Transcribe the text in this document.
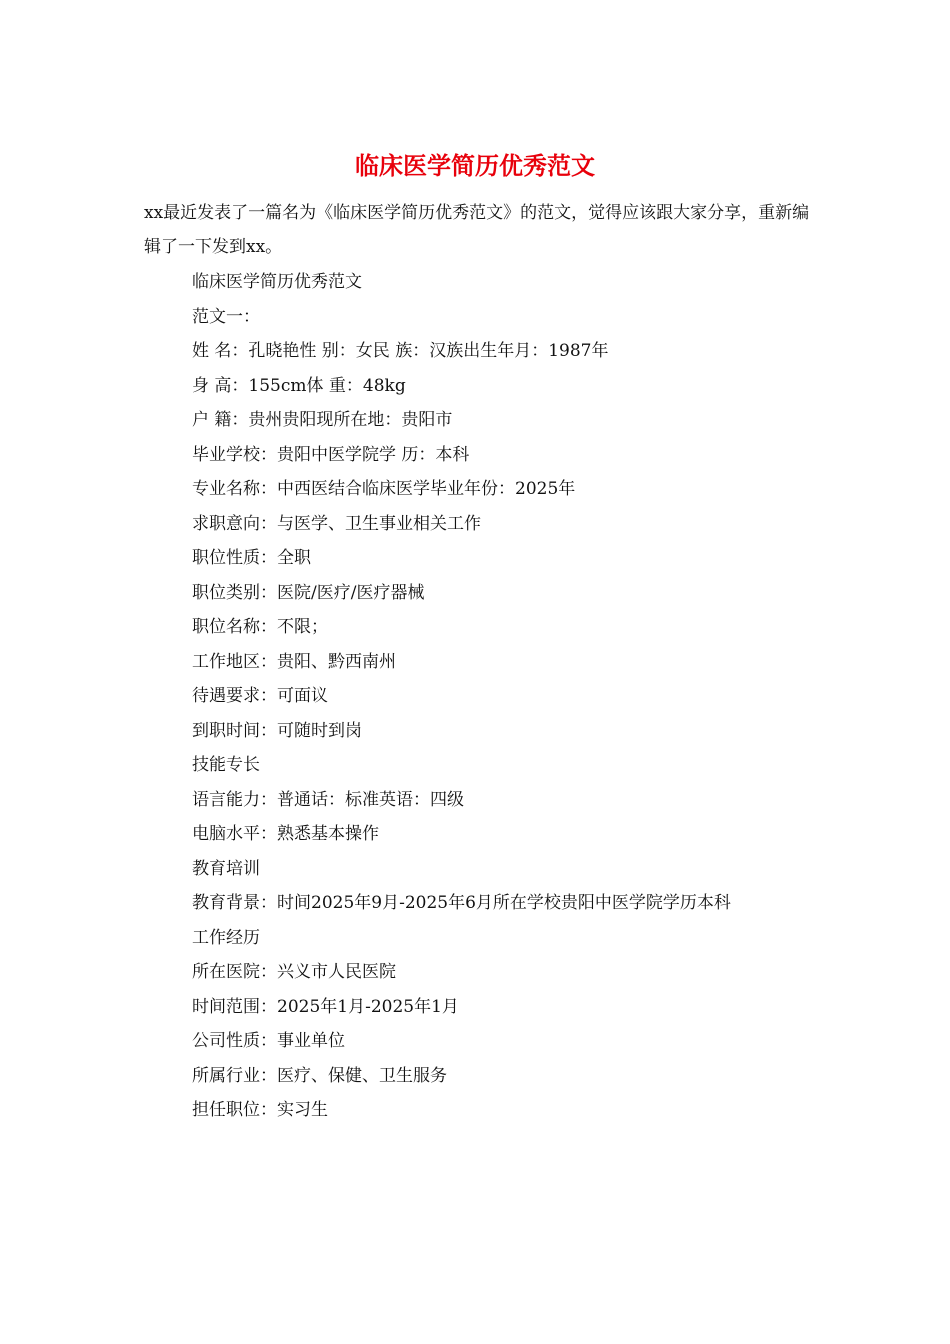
临床医学简历优秀范文

xx最近发表了一篇名为《临床医学简历优秀范文》的范文，觉得应该跟大家分享，重新编辑了一下发到xx。

临床医学简历优秀范文
范文一：
姓 名：孔晓艳性 别：女民 族：汉族出生年月：1987年
身 高：155cm体 重：48kg
户 籍：贵州贵阳现所在地：贵阳市
毕业学校：贵阳中医学院学 历：本科
专业名称：中西医结合临床医学毕业年份：2025年
求职意向：与医学、卫生事业相关工作
职位性质：全职
职位类别：医院/医疗/医疗器械
职位名称：不限；
工作地区：贵阳、黔西南州
待遇要求：可面议
到职时间：可随时到岗
技能专长
语言能力：普通话：标准英语：四级
电脑水平：熟悉基本操作
教育培训
教育背景：时间2025年9月-2025年6月所在学校贵阳中医学院学历本科
工作经历
所在医院：兴义市人民医院
时间范围：2025年1月-2025年1月
公司性质：事业单位
所属行业：医疗、保健、卫生服务
担任职位：实习生
